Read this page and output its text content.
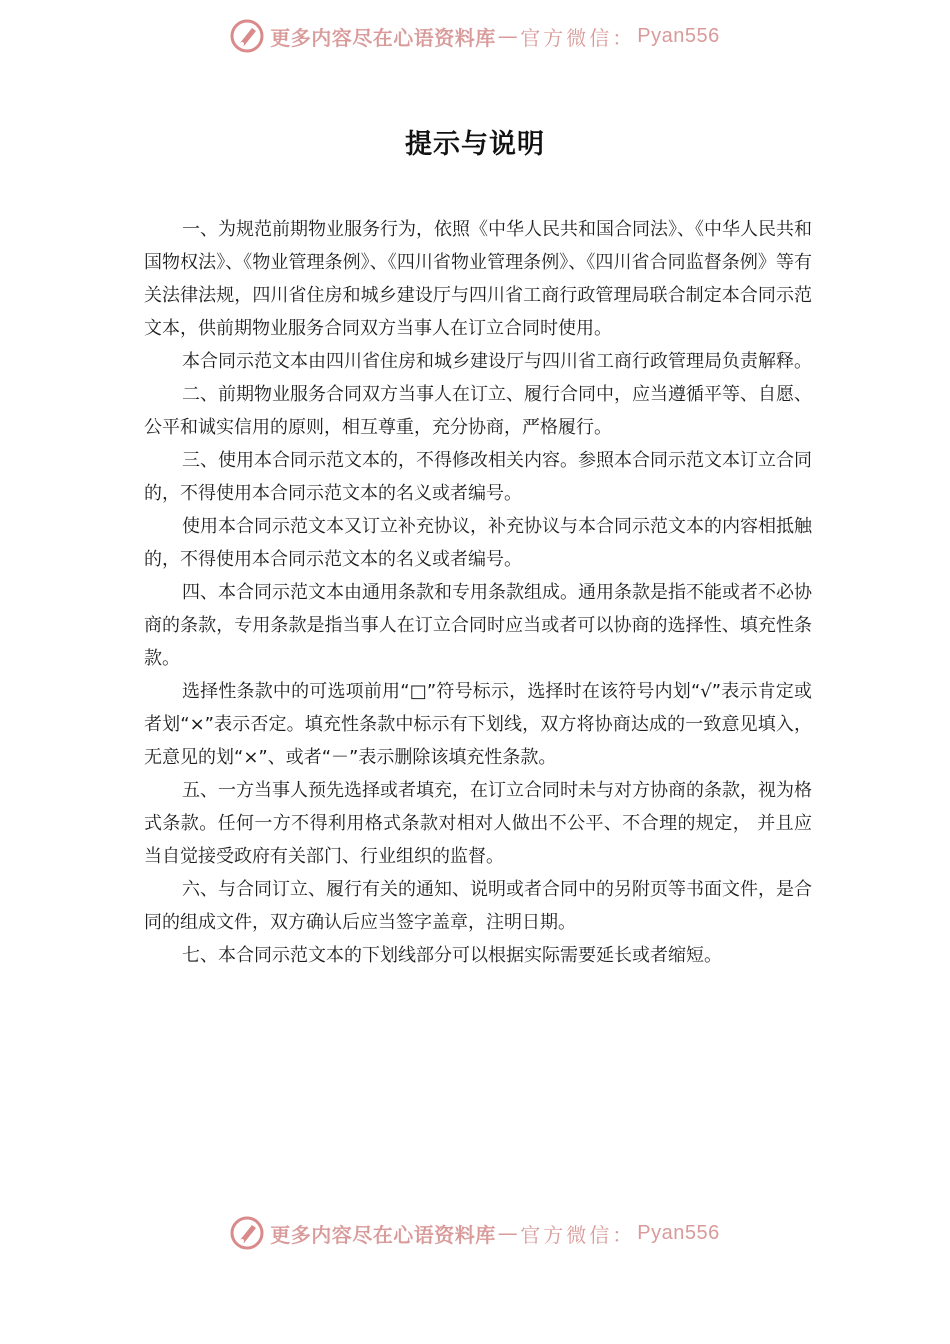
更多内容尽在心语资料库 — 官方微信： Pyan556
提示与说明

一、为规范前期物业服务行为，依照《中华人民共和国合同法》、《中华人民共和国物权法》、《物业管理条例》、《四川省物业管理条例》、《四川省合同监督条例》等有关法律法规，四川省住房和城乡建设厅与四川省工商行政管理局联合制定本合同示范文本，供前期物业服务合同双方当事人在订立合同时使用。

本合同示范文本由四川省住房和城乡建设厅与四川省工商行政管理局负责解释。

二、前期物业服务合同双方当事人在订立、履行合同中，应当遵循平等、自愿、公平和诚实信用的原则，相互尊重，充分协商，严格履行。

三、使用本合同示范文本的，不得修改相关内容。参照本合同示范文本订立合同的，不得使用本合同示范文本的名义或者编号。

使用本合同示范文本又订立补充协议，补充协议与本合同示范文本的内容相抵触的，不得使用本合同示范文本的名义或者编号。

四、本合同示范文本由通用条款和专用条款组成。通用条款是指不能或者不必协商的条款，专用条款是指当事人在订立合同时应当或者可以协商的选择性、填充性条款。

选择性条款中的可选项前用“□”符号标示，选择时在该符号内划“√”表示肯定或者划“×”表示否定。填充性条款中标示有下划线，双方将协商达成的一致意见填入，无意见的划“×”、或者“－”表示删除该填充性条款。

五、一方当事人预先选择或者填充，在订立合同时未与对方协商的条款，视为格式条款。任何一方不得利用格式条款对相对人做出不公平、不合理的规定， 并且应当自觉接受政府有关部门、行业组织的监督。

六、与合同订立、履行有关的通知、说明或者合同中的另附页等书面文件，是合同的组成文件，双方确认后应当签字盖章，注明日期。

七、本合同示范文本的下划线部分可以根据实际需要延长或者缩短。

更多内容尽在心语资料库 — 官方微信： Pyan556
